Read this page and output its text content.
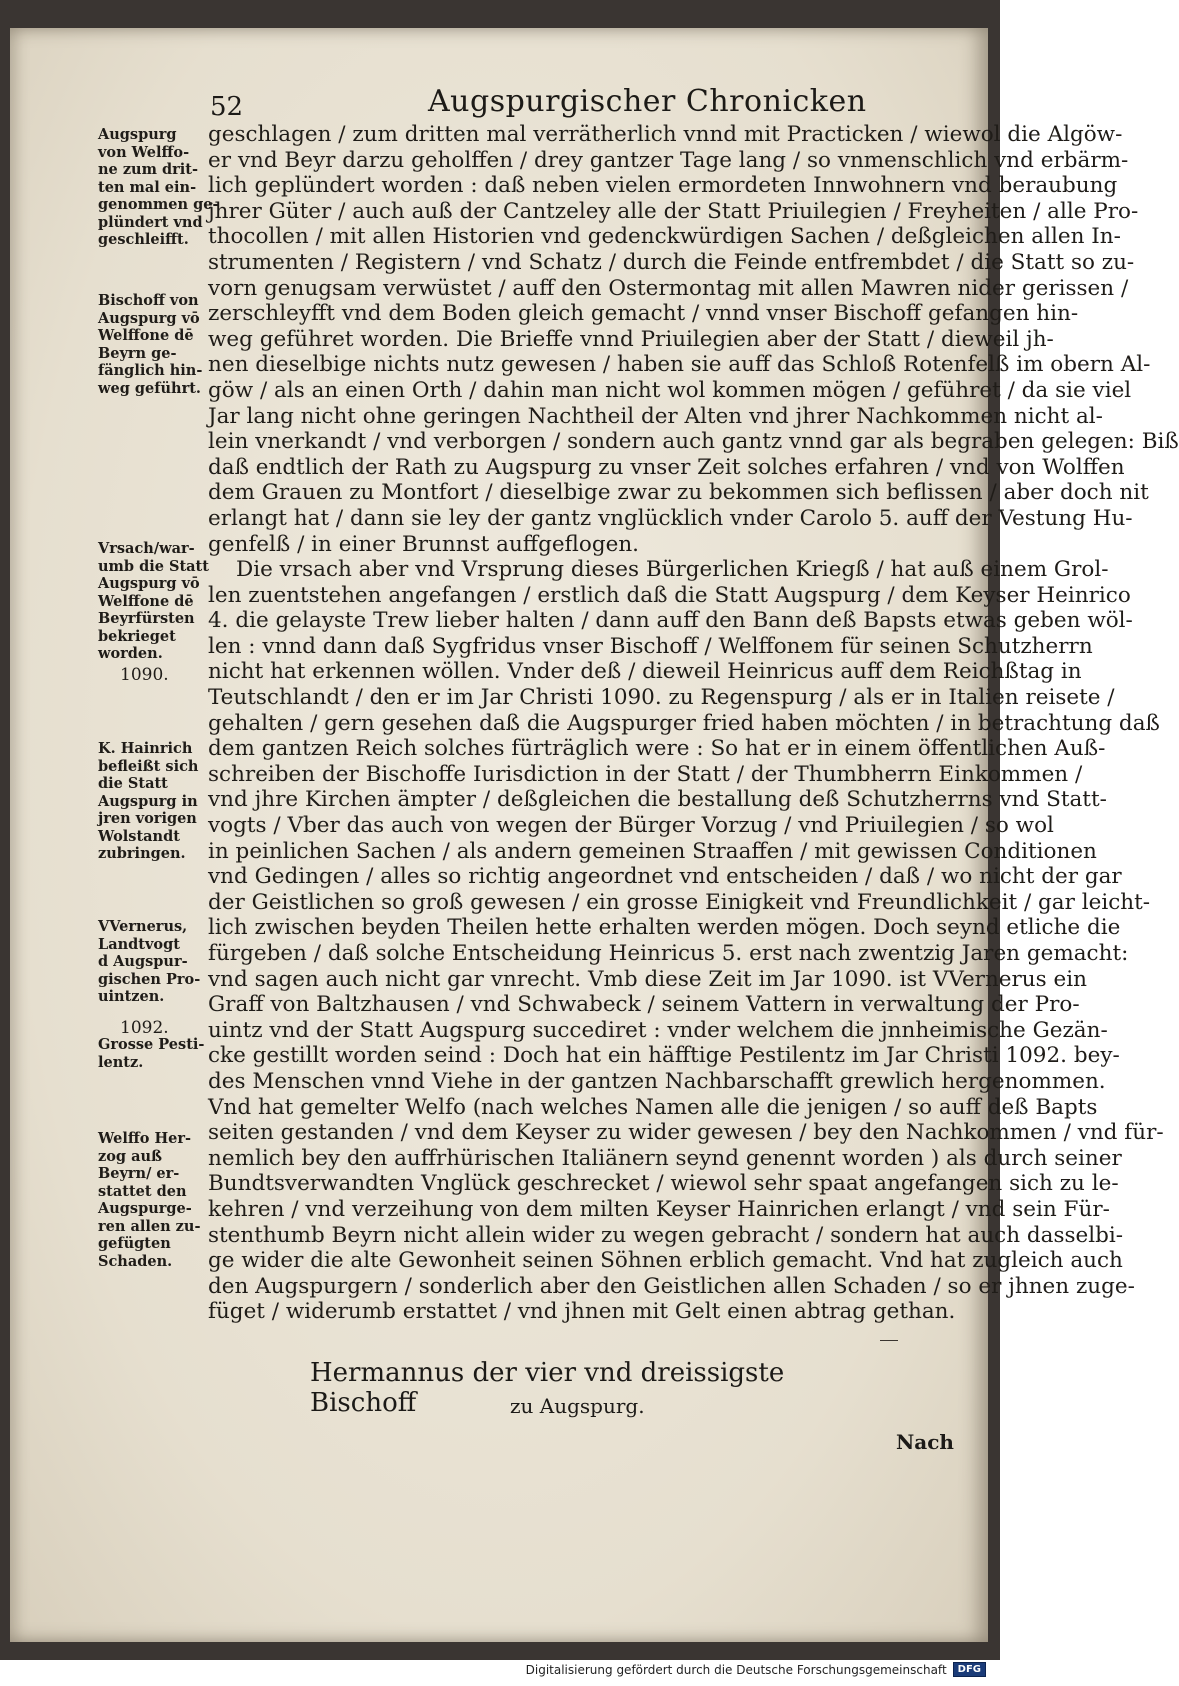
52	Augspurgischer Chronicken
geschlagen / zum dritten mal verrätherlich vnnd mit Practicken / wiewol die Algöw-
er vnd Beyr darzu geholffen / drey gantzer Tage lang / so vnmenschlich vnd erbärm-
lich geplündert worden : daß neben vielen ermordeten Innwohnern vnd beraubung
jhrer Güter / auch auß der Cantzeley alle der Statt Priuilegien / Freyheiten / alle Pro-
thocollen / mit allen Historien vnd gedenckwürdigen Sachen / deßgleichen allen In-
strumenten / Registern / vnd Schatz / durch die Feinde entfrembdet / die Statt so zu-
vorn genugsam verwüstet / auff den Ostermontag mit allen Mawren nider gerissen /
zerschleyfft vnd dem Boden gleich gemacht / vnnd vnser Bischoff gefangen hin-
weg geführet worden. Die Brieffe vnnd Priuilegien aber der Statt / dieweil jh-
nen dieselbige nichts nutz gewesen / haben sie auff das Schloß Rotenfelß im obern Al-
göw / als an einen Orth / dahin man nicht wol kommen mögen / geführet / da sie viel
Jar lang nicht ohne geringen Nachtheil der Alten vnd jhrer Nachkommen nicht al-
lein vnerkandt / vnd verborgen / sondern auch gantz vnnd gar als begraben gelegen: Biß
daß endtlich der Rath zu Augspurg zu vnser Zeit solches erfahren / vnd von Wolffen
dem Grauen zu Montfort / dieselbige zwar zu bekommen sich beflissen / aber doch nit
erlangt hat / dann sie ley der gantz vnglücklich vnder Carolo 5. auff der Vestung Hu-
genfelß / in einer Brunnst auffgeflogen.
Die vrsach aber vnd Vrsprung dieses Bürgerlichen Kriegß / hat auß einem Grol-
len zuentstehen angefangen / erstlich daß die Statt Augspurg / dem Keyser Heinrico
4. die gelayste Trew lieber halten / dann auff den Bann deß Bapsts etwas geben wöl-
len : vnnd dann daß Sygfridus vnser Bischoff / Welffonem für seinen Schutzherrn
nicht hat erkennen wöllen. Vnder deß / dieweil Heinricus auff dem Reichßtag in
Teutschlandt / den er im Jar Christi 1090. zu Regenspurg / als er in Italien reisete /
gehalten / gern gesehen daß die Augspurger fried haben möchten / in betrachtung daß
dem gantzen Reich solches fürträglich were : So hat er in einem öffentlichen Auß-
schreiben der Bischoffe Iurisdiction in der Statt / der Thumbherrn Einkommen /
vnd jhre Kirchen ämpter / deßgleichen die bestallung deß Schutzherrns vnd Statt-
vogts / Vber das auch von wegen der Bürger Vorzug / vnd Priuilegien / so wol
in peinlichen Sachen / als andern gemeinen Straaffen / mit gewissen Conditionen
vnd Gedingen / alles so richtig angeordnet vnd entscheiden / daß / wo nicht der gar
der Geistlichen so groß gewesen / ein grosse Einigkeit vnd Freundlichkeit / gar leicht-
lich zwischen beyden Theilen hette erhalten werden mögen. Doch seynd etliche die
fürgeben / daß solche Entscheidung Heinricus 5. erst nach zwentzig Jaren gemacht:
vnd sagen auch nicht gar vnrecht. Vmb diese Zeit im Jar 1090. ist VVernerus ein
Graff von Baltzhausen / vnd Schwabeck / seinem Vattern in verwaltung der Pro-
uintz vnd der Statt Augspurg succediret : vnder welchem die jnnheimische Gezän-
cke gestillt worden seind : Doch hat ein häfftige Pestilentz im Jar Christi 1092. bey-
des Menschen vnnd Viehe in der gantzen Nachbarschafft grewlich hergenommen.
Vnd hat gemelter Welfo (nach welches Namen alle die jenigen / so auff deß Bapts
seiten gestanden / vnd dem Keyser zu wider gewesen / bey den Nachkommen / vnd für-
nemlich bey den auffrhürischen Italiänern seynd genennt worden ) als durch seiner
Bundtsverwandten Vnglück geschrecket / wiewol sehr spaat angefangen sich zu le-
kehren / vnd verzeihung von dem milten Keyser Hainrichen erlangt / vnd sein Für-
stenthumb Beyrn nicht allein wider zu wegen gebracht / sondern hat auch dasselbi-
ge wider die alte Gewonheit seinen Söhnen erblich gemacht. Vnd hat zugleich auch
den Augspurgern / sonderlich aber den Geistlichen allen Schaden / so er jhnen zuge-
füget / widerumb erstattet / vnd jhnen mit Gelt einen abtrag gethan.
Augspurg
von Welffo-
ne zum drit-
ten mal ein-
genommen ge-
plündert vnd
geschleifft.
Bischoff von
Augspurg vō
Welffone dē
Beyrn ge-
fänglich hin-
weg geführt.
Vrsach/war-
umb die Statt
Augspurg vō
Welffone dē
Beyrfürsten
bekrieget
worden.
1090.
K. Hainrich
befleißt sich
die Statt
Augspurg in
jren vorigen
Wolstandt
zubringen.
VVernerus,
Landtvogt
d Augspur-
gischen Pro-
uintzen.
1092.
Grosse Pesti-
lentz.
Welffo Her-
zog auß
Beyrn/ er-
stattet den
Augspurge-
ren allen zu-
gefügten
Schaden.
Hermannus der vier vnd dreissigste Bischoff	zu Augspurg.
Nach
Digitalisierung gefördert durch die Deutsche Forschungsgemeinschaft	DFG
